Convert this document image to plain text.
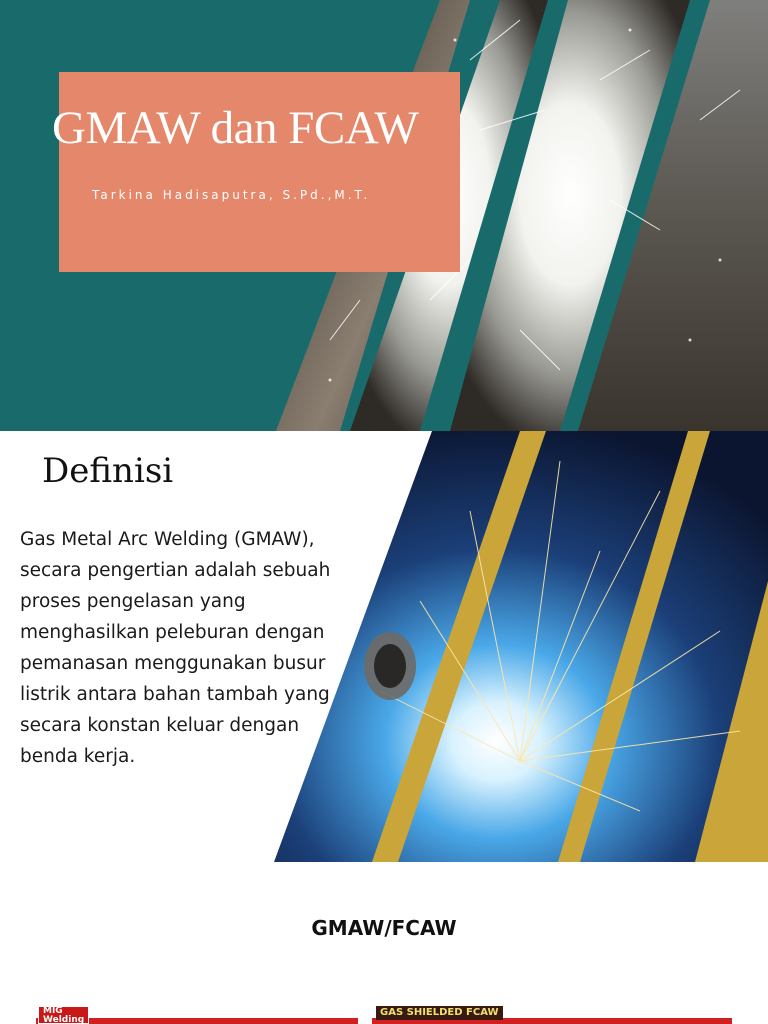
GMAW dan FCAW
Tarkina Hadisaputra, S.Pd.,M.T.
Definisi
Gas Metal Arc Welding (GMAW), secara pengertian adalah sebuah proses pengelasan yang menghasilkan peleburan dengan pemanasan menggunakan busur listrik antara bahan tambah yang secara konstan keluar dengan benda kerja.
GMAW/FCAW
MIG
Welding
GAS SHIELDED FCAW
